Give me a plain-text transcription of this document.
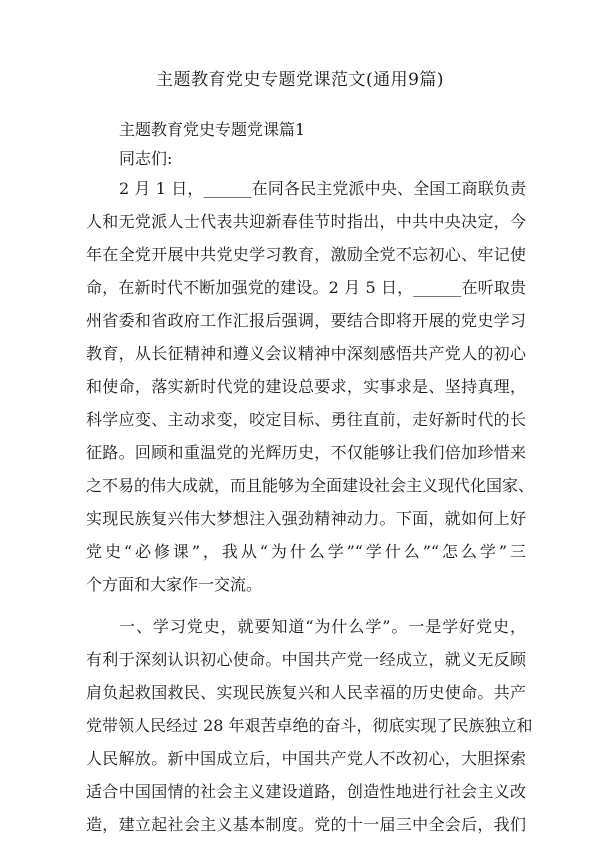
主题教育党史专题党课范文(通用9篇)
主题教育党史专题党课篇1
同志们:
2 月 1 日，______在同各民主党派中央、全国工商联负责
人和无党派人士代表共迎新春佳节时指出，中共中央决定，今
年在全党开展中共党史学习教育，激励全党不忘初心、牢记使
命，在新时代不断加强党的建设。2 月 5 日，______在听取贵
州省委和省政府工作汇报后强调，要结合即将开展的党史学习
教育，从长征精神和遵义会议精神中深刻感悟共产党人的初心
和使命，落实新时代党的建设总要求，实事求是、坚持真理，
科学应变、主动求变，咬定目标、勇往直前，走好新时代的长
征路。回顾和重温党的光辉历史，不仅能够让我们倍加珍惜来
之不易的伟大成就，而且能够为全面建设社会主义现代化国家、
实现民族复兴伟大梦想注入强劲精神动力。下面，就如何上好
党史“必修课”，我从“为什么学”“学什么”“怎么学”三
个方面和大家作一交流。
一、学习党史，就要知道“为什么学”。一是学好党史，
有利于深刻认识初心使命。中国共产党一经成立，就义无反顾
肩负起救国救民、实现民族复兴和人民幸福的历史使命。共产
党带领人民经过 28 年艰苦卓绝的奋斗，彻底实现了民族独立和
人民解放。新中国成立后，中国共产党人不改初心，大胆探索
适合中国国情的社会主义建设道路，创造性地进行社会主义改
造，建立起社会主义基本制度。党的十一届三中全会后，我们
